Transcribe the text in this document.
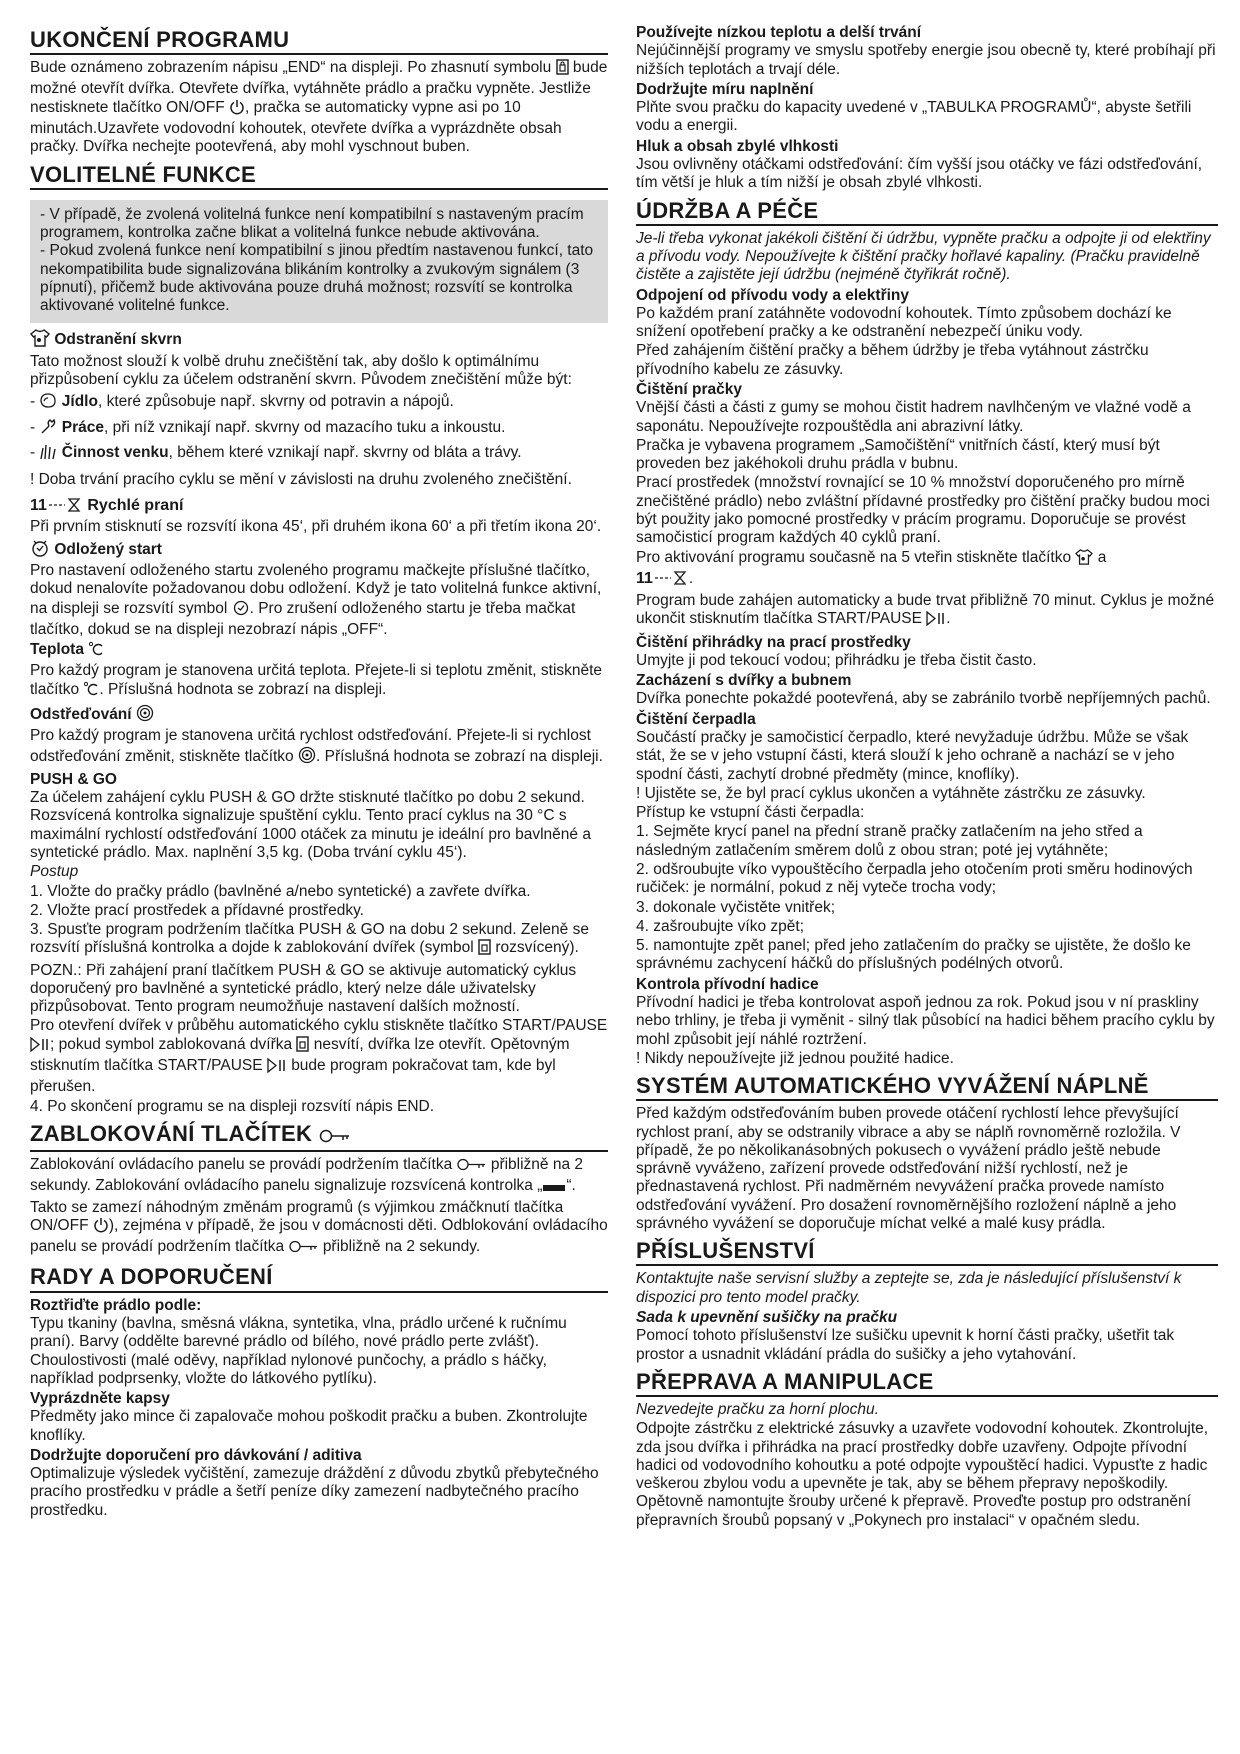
UKONČENÍ PROGRAMU

Bude oznámeno zobrazením nápisu „END“ na displeji. Po zhasnutí symbolu bude možné otevřít dvířka. Otevřete dvířka, vytáhněte prádlo a pračku vypněte. Jestliže nestisknete tlačítko ON/OFF , pračka se automaticky vypne asi po 10 minutách.Uzavřete vodovodní kohoutek, otevřete dvířka a vyprázdněte obsah pračky. Dvířka nechejte pootevřená, aby mohl vyschnout buben.

VOLITELNÉ FUNKCE

- V případě, že zvolená volitelná funkce není kompatibilní s nastaveným pracím programem, kontrolka začne blikat a volitelná funkce nebude aktivována.

- Pokud zvolená funkce není kompatibilní s jinou předtím nastavenou funkcí, tato nekompatibilita bude signalizována blikáním kontrolky a zvukovým signálem (3 pípnutí), přičemž bude aktivována pouze druhá možnost; rozsvítí se kontrolka aktivované volitelné funkce.

Odstranění skvrn

Tato možnost slouží k volbě druhu znečištění tak, aby došlo k optimálnímu přizpůsobení cyklu za účelem odstranění skvrn. Původem znečištění může být:

-  Jídlo, které způsobuje např. skvrny od potravin a nápojů.
-  Práce, při níž vznikají např. skvrny od mazacího tuku a inkoustu.
-  Činnost venku, během které vznikají např. skvrny od bláta a trávy.

! Doba trvání pracího cyklu se mění v závislosti na druhu zvoleného znečištění.

11	Rychlé praní

Při prvním stisknutí se rozsvítí ikona 45‘, při druhém ikona 60‘ a při třetím ikona 20‘.

Odložený start

Pro nastavení odloženého startu zvoleného programu mačkejte příslušné tlačítko, dokud nenalovíte požadovanou dobu odložení. Když je tato volitelná funkce aktivní, na displeji se rozsvítí symbol . Pro zrušení odloženého startu je třeba mačkat tlačítko, dokud se na displeji nezobrazí nápis „OFF“.

Teplota

Pro každý program je stanovena určitá teplota. Přejete-li si teplotu změnit, stiskněte tlačítko . Příslušná hodnota se zobrazí na displeji.

Odstřeďování

Pro každý program je stanovena určitá rychlost odstřeďování. Přejete-li si rychlost odstřeďování změnit, stiskněte tlačítko . Příslušná hodnota se zobrazí na displeji.

PUSH & GO

Za účelem zahájení cyklu PUSH & GO držte stisknuté tlačítko po dobu 2 sekund. Rozsvícená kontrolka signalizuje spuštění cyklu. Tento prací cyklus na 30 °C s maximální rychlostí odstřeďování 1000 otáček za minutu je ideální pro bavlněné a syntetické prádlo. Max. naplnění 3,5 kg. (Doba trvání cyklu 45‘).

Postup

1. Vložte do pračky prádlo (bavlněné a/nebo syntetické) a zavřete dvířka.

2. Vložte prací prostředek a přídavné prostředky.

3. Spusťte program podržením tlačítka PUSH & GO na dobu 2 sekund. Zeleně se rozsvítí příslušná kontrolka a dojde k zablokování dvířek (symbol rozsvícený).

POZN.: Při zahájení praní tlačítkem PUSH & GO se aktivuje automatický cyklus doporučený pro bavlněné a syntetické prádlo, který nelze dále uživatelsky přizpůsobovat. Tento program neumožňuje nastavení dalších možností.

Pro otevření dvířek v průběhu automatického cyklu stiskněte tlačítko START/PAUSE ; pokud symbol zablokovaná dvířka nesvítí, dvířka lze otevřít. Opětovným stisknutím tlačítka START/PAUSE bude program pokračovat tam, kde byl přerušen.

4. Po skončení programu se na displeji rozsvítí nápis END.

ZABLOKOVÁNÍ TLAČÍTEK

Zablokování ovládacího panelu se provádí podržením tlačítka přibližně na 2 sekundy. Zablokování ovládacího panelu signalizuje rozsvícená kontrolka „ “. Takto se zamezí náhodným změnám programů (s výjimkou zmáčknutí tlačítka ON/OFF ), zejména v případě, že jsou v domácnosti děti. Odblokování ovládacího panelu se provádí podržením tlačítka přibližně na 2 sekundy.

RADY A DOPORUČENÍ
Roztřiďte prádlo podle:

Typu tkaniny (bavlna, směsná vlákna, syntetika, vlna, prádlo určené k ručnímu praní). Barvy (oddělte barevné prádlo od bílého, nové prádlo perte zvlášť). Choulostivosti (malé oděvy, například nylonové punčochy, a prádlo s háčky, například podprsenky, vložte do látkového pytlíku).

Vyprázdněte kapsy

Předměty jako mince či zapalovače mohou poškodit pračku a buben. Zkontrolujte knoflíky.

Dodržujte doporučení pro dávkování / aditiva

Optimalizuje výsledek vyčištění, zamezuje dráždění z důvodu zbytků přebytečného pracího prostředku v prádle a šetří peníze díky zamezení nadbytečného pracího prostředku.

Používejte nízkou teplotu a delší trvání

Nejúčinnější programy ve smyslu spotřeby energie jsou obecně ty, které probíhají při nižších teplotách a trvají déle.

Dodržujte míru naplnění

Plňte svou pračku do kapacity uvedené v „TABULKA PROGRAMŮ“, abyste šetřili vodu a energii.

Hluk a obsah zbylé vlhkosti

Jsou ovlivněny otáčkami odstřeďování: čím vyšší jsou otáčky ve fázi odstřeďování, tím větší je hluk a tím nižší je obsah zbylé vlhkosti.

ÚDRŽBA A PÉČE

Je-li třeba vykonat jakékoli čištění či údržbu, vypněte pračku a odpojte ji od elektřiny a přívodu vody. Nepoužívejte k čištění pračky hořlavé kapaliny. (Pračku pravidelně čistěte a zajistěte její údržbu (nejméně čtyřikrát ročně).

Odpojení od přívodu vody a elektřiny

Po každém praní zatáhněte vodovodní kohoutek. Tímto způsobem dochází ke snížení opotřebení pračky a ke odstranění nebezpečí úniku vody.

Před zahájením čištění pračky a během údržby je třeba vytáhnout zástrčku přívodního kabelu ze zásuvky.

Čištění pračky

Vnější části a části z gumy se mohou čistit hadrem navlhčeným ve vlažné vodě a saponátu. Nepoužívejte rozpouštědla ani abrazivní látky.

Pračka je vybavena programem „Samočištění“ vnitřních částí, který musí být proveden bez jakéhokoli druhu prádla v bubnu.

Prací prostředek (množství rovnající se 10 % množství doporučeného pro mírně znečištěné prádlo) nebo zvláštní přídavné prostředky pro čištění pračky budou moci být použity jako pomocné prostředky v prácím programu. Doporučuje se provést samočisticí program každých 40 cyklů praní.

Pro aktivování programu současně na 5 vteřin stiskněte tlačítko a
11 .

Program bude zahájen automaticky a bude trvat přibližně 70 minut. Cyklus je možné ukončit stisknutím tlačítka START/PAUSE .

Čištění přihrádky na prací prostředky

Umyjte ji pod tekoucí vodou; přihrádku je třeba čistit často.

Zacházení s dvířky a bubnem

Dvířka ponechte pokaždé pootevřená, aby se zabránilo tvorbě nepříjemných pachů.

Čištění čerpadla

Součástí pračky je samočisticí čerpadlo, které nevyžaduje údržbu. Může se však stát, že se v jeho vstupní části, která slouží k jeho ochraně a nachází se v jeho spodní části, zachytí drobné předměty (mince, knoflíky).

! Ujistěte se, že byl prací cyklus ukončen a vytáhněte zástrčku ze zásuvky.

Přístup ke vstupní části čerpadla:

1. Sejměte krycí panel na přední straně pračky zatlačením na jeho střed a následným zatlačením směrem dolů z obou stran; poté jej vytáhněte;

2. odšroubujte víko vypouštěcího čerpadla jeho otočením proti směru hodinových ručiček: je normální, pokud z něj vyteče trocha vody;

3. dokonale vyčistěte vnitřek;

4. zašroubujte víko zpět;

5. namontujte zpět panel; před jeho zatlačením do pračky se ujistěte, že došlo ke správnému zachycení háčků do příslušných podélných otvorů.

Kontrola přívodní hadice

Přívodní hadici je třeba kontrolovat aspoň jednou za rok. Pokud jsou v ní praskliny nebo trhliny, je třeba ji vyměnit - silný tlak působící na hadici během pracího cyklu by mohl způsobit její náhlé roztržení.

! Nikdy nepoužívejte již jednou použité hadice.

SYSTÉM AUTOMATICKÉHO VYVÁŽENÍ NÁPLNĚ

Před každým odstřeďováním buben provede otáčení rychlostí lehce převyšující rychlost praní, aby se odstranily vibrace a aby se náplň rovnoměrně rozložila. V případě, že po několikanásobných pokusech o vyvážení prádlo ještě nebude správně vyváženo, zařízení provede odstřeďování nižší rychlostí, než je přednastavená rychlost. Při nadměrném nevyvážení pračka provede namísto odstřeďování vyvážení. Pro dosažení rovnoměrnějšího rozložení náplně a jeho správného vyvážení se doporučuje míchat velké a malé kusy prádla.

PŘÍSLUŠENSTVÍ

Kontaktujte naše servisní služby a zeptejte se, zda je následující příslušenství k dispozici pro tento model pračky.

Sada k upevnění sušičky na pračku

Pomocí tohoto příslušenství lze sušičku upevnit k horní části pračky, ušetřit tak prostor a usnadnit vkládání prádla do sušičky a jeho vytahování.

PŘEPRAVA A MANIPULACE

Nezvedejte pračku za horní plochu.

Odpojte zástrčku z elektrické zásuvky a uzavřete vodovodní kohoutek. Zkontrolujte, zda jsou dvířka i přihrádka na prací prostředky dobře uzavřeny. Odpojte přívodní hadici od vodovodního kohoutku a poté odpojte vypouštěcí hadici. Vypusťte z hadic veškerou zbylou vodu a upevněte je tak, aby se během přepravy nepoškodily. Opětovně namontujte šrouby určené k přepravě. Proveďte postup pro odstranění přepravních šroubů popsaný v „Pokynech pro instalaci“ v opačném sledu.
